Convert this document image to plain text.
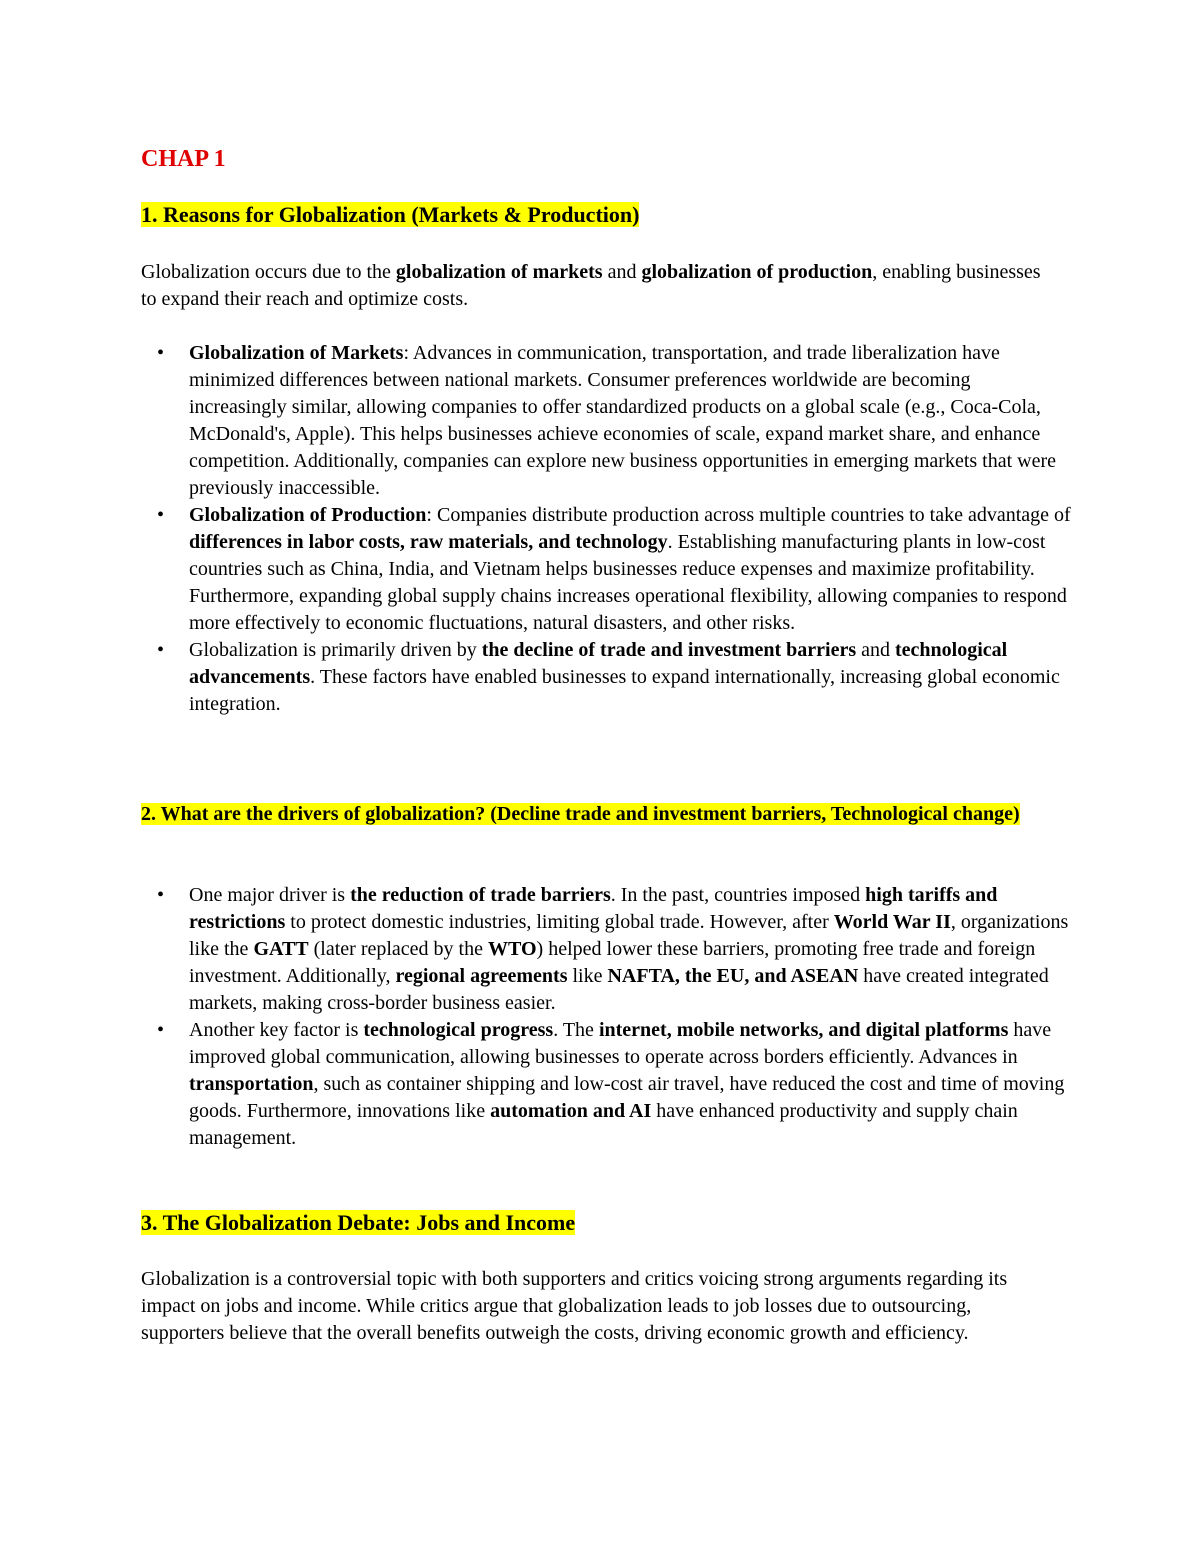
CHAP 1
1. Reasons for Globalization (Markets & Production)

Globalization occurs due to the globalization of markets and globalization of production, enabling businesses to expand their reach and optimize costs.

• Globalization of Markets: Advances in communication, transportation, and trade liberalization have minimized differences between national markets. Consumer preferences worldwide are becoming increasingly similar, allowing companies to offer standardized products on a global scale (e.g., Coca-Cola, McDonald's, Apple). This helps businesses achieve economies of scale, expand market share, and enhance competition. Additionally, companies can explore new business opportunities in emerging markets that were previously inaccessible.
• Globalization of Production: Companies distribute production across multiple countries to take advantage of differences in labor costs, raw materials, and technology. Establishing manufacturing plants in low-cost countries such as China, India, and Vietnam helps businesses reduce expenses and maximize profitability. Furthermore, expanding global supply chains increases operational flexibility, allowing companies to respond more effectively to economic fluctuations, natural disasters, and other risks.
• Globalization is primarily driven by the decline of trade and investment barriers and technological advancements. These factors have enabled businesses to expand internationally, increasing global economic integration.
2. What are the drivers of globalization? (Decline trade and investment barriers, Technological change)
• One major driver is the reduction of trade barriers. In the past, countries imposed high tariffs and restrictions to protect domestic industries, limiting global trade. However, after World War II, organizations like the GATT (later replaced by the WTO) helped lower these barriers, promoting free trade and foreign investment. Additionally, regional agreements like NAFTA, the EU, and ASEAN have created integrated markets, making cross-border business easier.
• Another key factor is technological progress. The internet, mobile networks, and digital platforms have improved global communication, allowing businesses to operate across borders efficiently. Advances in transportation, such as container shipping and low-cost air travel, have reduced the cost and time of moving goods. Furthermore, innovations like automation and AI have enhanced productivity and supply chain management.
3. The Globalization Debate: Jobs and Income

Globalization is a controversial topic with both supporters and critics voicing strong arguments regarding its impact on jobs and income. While critics argue that globalization leads to job losses due to outsourcing, supporters believe that the overall benefits outweigh the costs, driving economic growth and efficiency.
